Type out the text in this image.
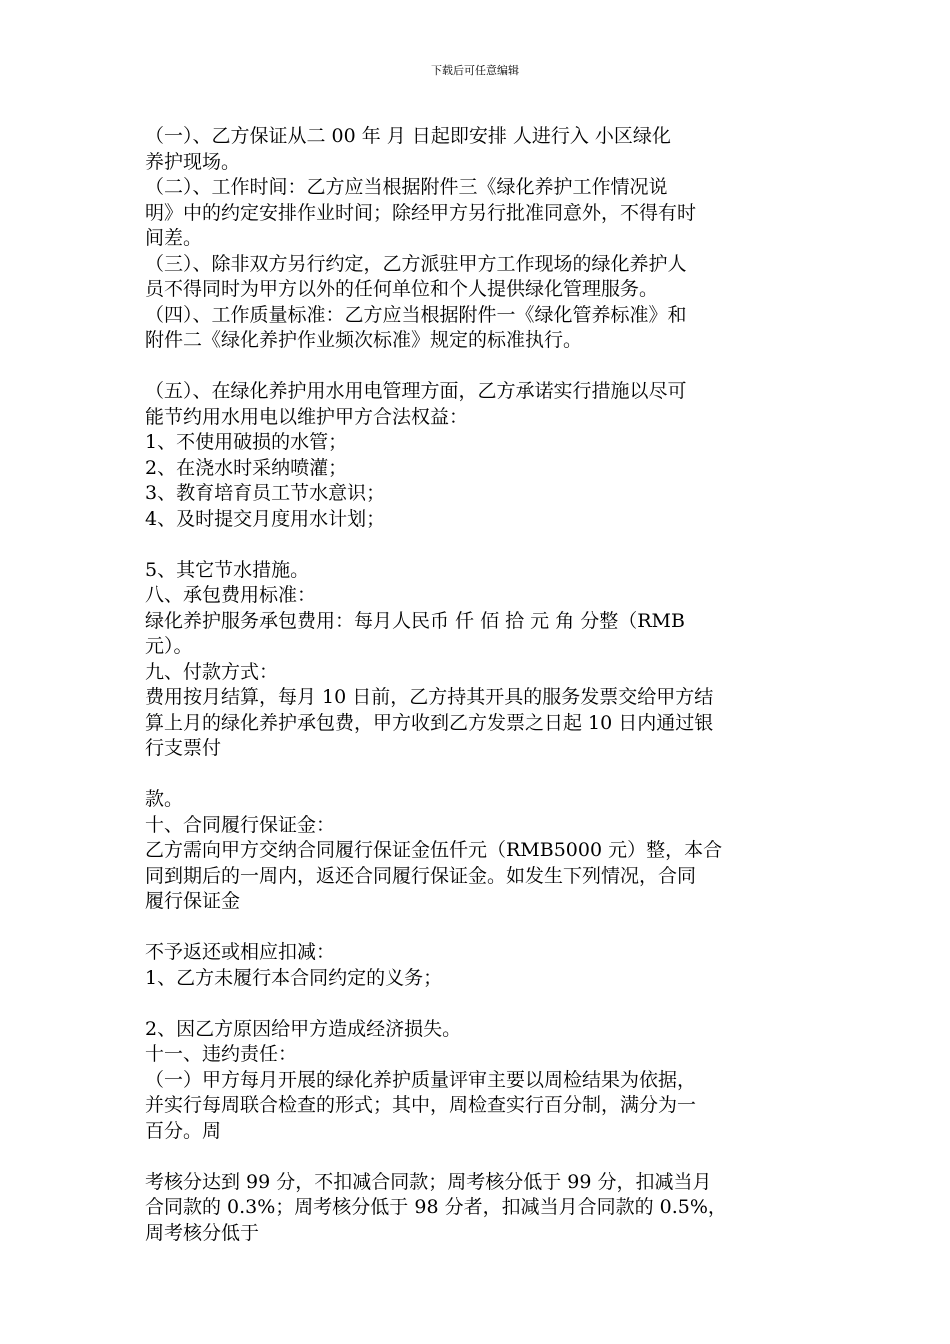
下载后可任意编辑
（一）、乙方保证从二 00 年 月 日起即安排 人进行入 小区绿化
养护现场。
（二）、工作时间：乙方应当根据附件三《绿化养护工作情况说
明》中的约定安排作业时间；除经甲方另行批准同意外，不得有时
间差。
（三）、除非双方另行约定，乙方派驻甲方工作现场的绿化养护人
员不得同时为甲方以外的任何单位和个人提供绿化管理服务。
（四）、工作质量标准：乙方应当根据附件一《绿化管养标准》和
附件二《绿化养护作业频次标准》规定的标准执行。
（五）、在绿化养护用水用电管理方面，乙方承诺实行措施以尽可
能节约用水用电以维护甲方合法权益：
1、不使用破损的水管；
2、在浇水时采纳喷灌；
3、教育培育员工节水意识；
4、及时提交月度用水计划；
5、其它节水措施。
八、承包费用标准：
绿化养护服务承包费用：每月人民币 仟 佰 拾 元 角 分整（RMB
元）。
九、付款方式：
费用按月结算，每月 10 日前，乙方持其开具的服务发票交给甲方结
算上月的绿化养护承包费，甲方收到乙方发票之日起 10 日内通过银
行支票付
款。
十、合同履行保证金：
乙方需向甲方交纳合同履行保证金伍仟元（RMB5000 元）整，本合
同到期后的一周内，返还合同履行保证金。如发生下列情况，合同
履行保证金
不予返还或相应扣减：
1、乙方未履行本合同约定的义务；
2、因乙方原因给甲方造成经济损失。
十一、违约责任：
（一）甲方每月开展的绿化养护质量评审主要以周检结果为依据，
并实行每周联合检查的形式；其中，周检查实行百分制，满分为一
百分。周
考核分达到 99 分，不扣减合同款；周考核分低于 99 分，扣减当月
合同款的 0.3%；周考核分低于 98 分者，扣减当月合同款的 0.5%，
周考核分低于
